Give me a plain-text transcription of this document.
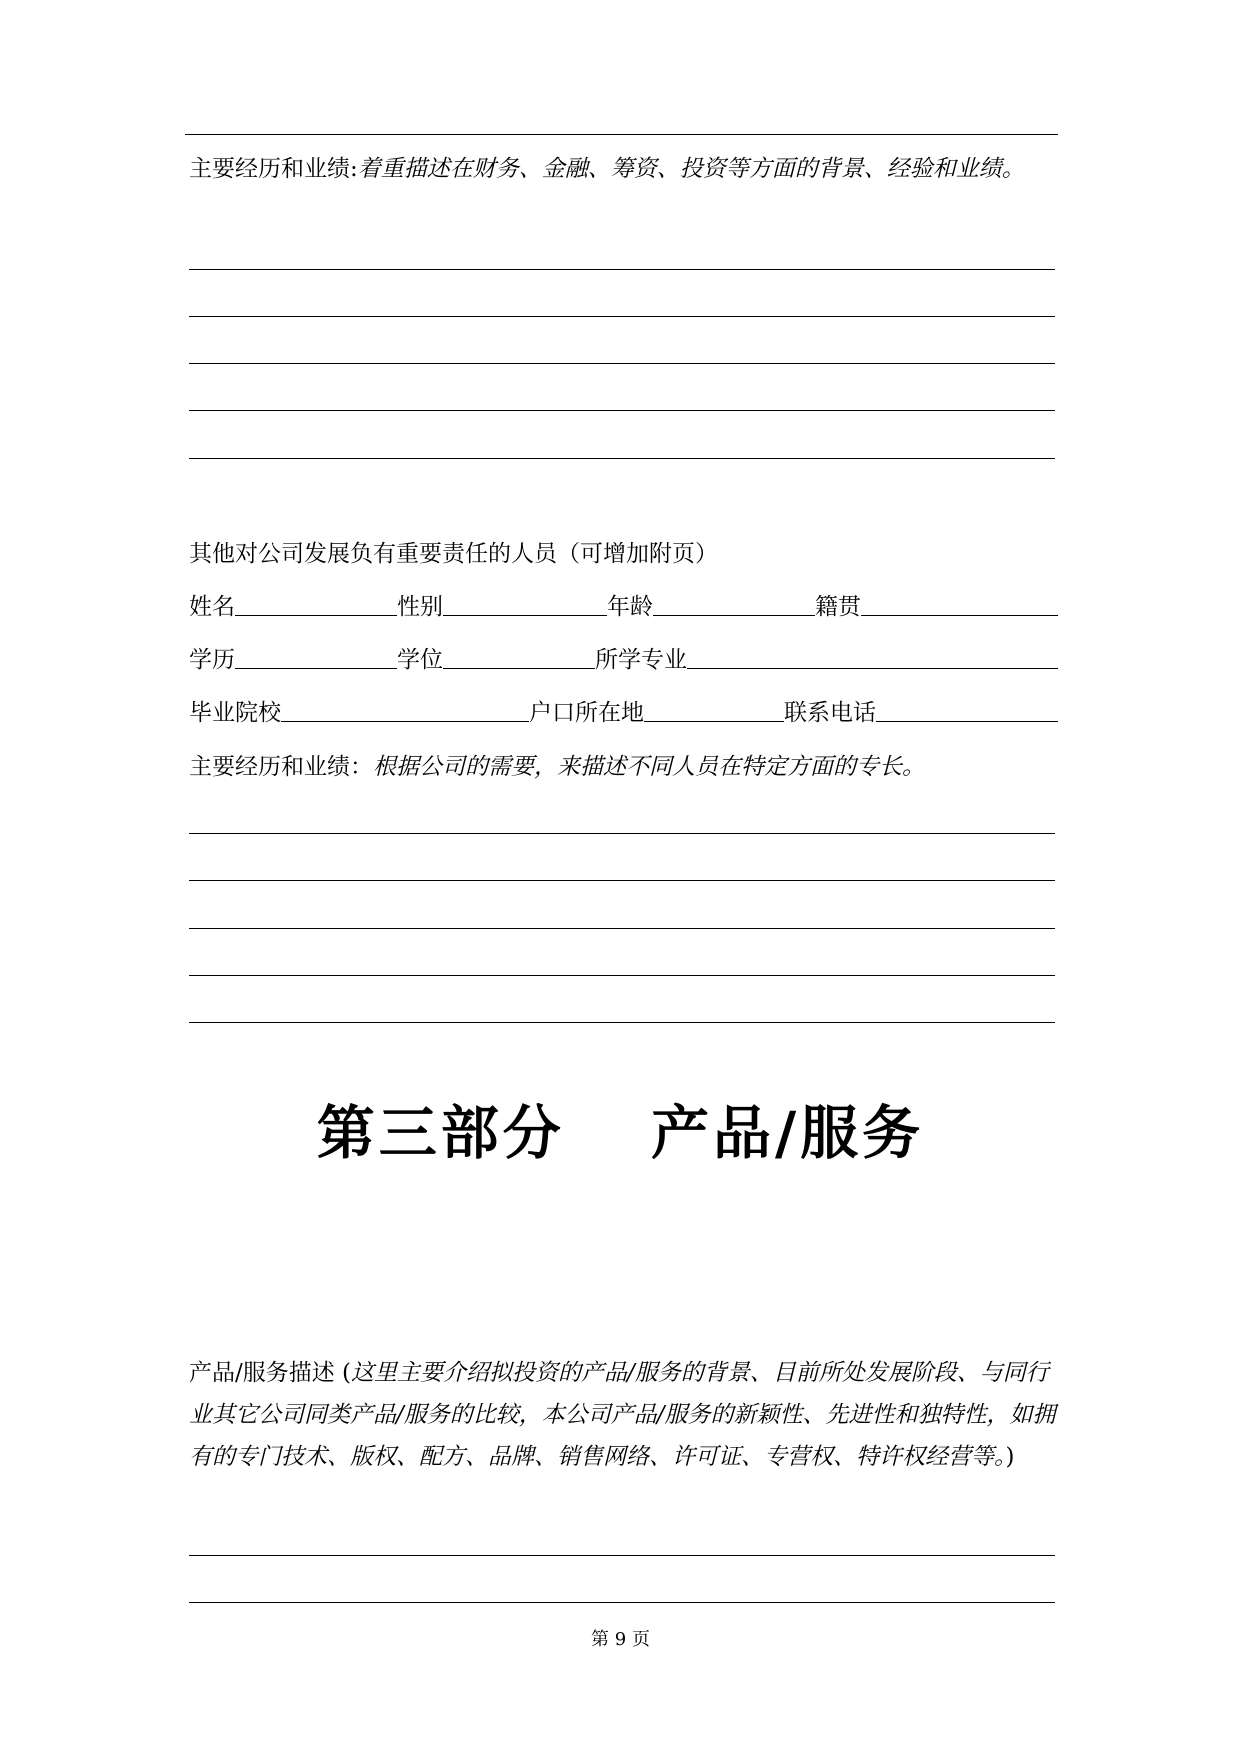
主要经历和业绩:着重描述在财务、金融、筹资、投资等方面的背景、经验和业绩。

其他对公司发展负有重要责任的人员（可增加附页）

姓名	性别	年龄	籍贯
学历	学位	所学专业
毕业院校	户口所在地	联系电话

主要经历和业绩：根据公司的需要，来描述不同人员在特定方面的专长。

第三部分　 产品/服务

产品/服务描述 (这里主要介绍拟投资的产品/服务的背景、目前所处发展阶段、与同行业其它公司同类产品/服务的比较，本公司产品/服务的新颖性、先进性和独特性，如拥有的专门技术、版权、配方、品牌、销售网络、许可证、专营权、特许权经营等。)

第 9 页
